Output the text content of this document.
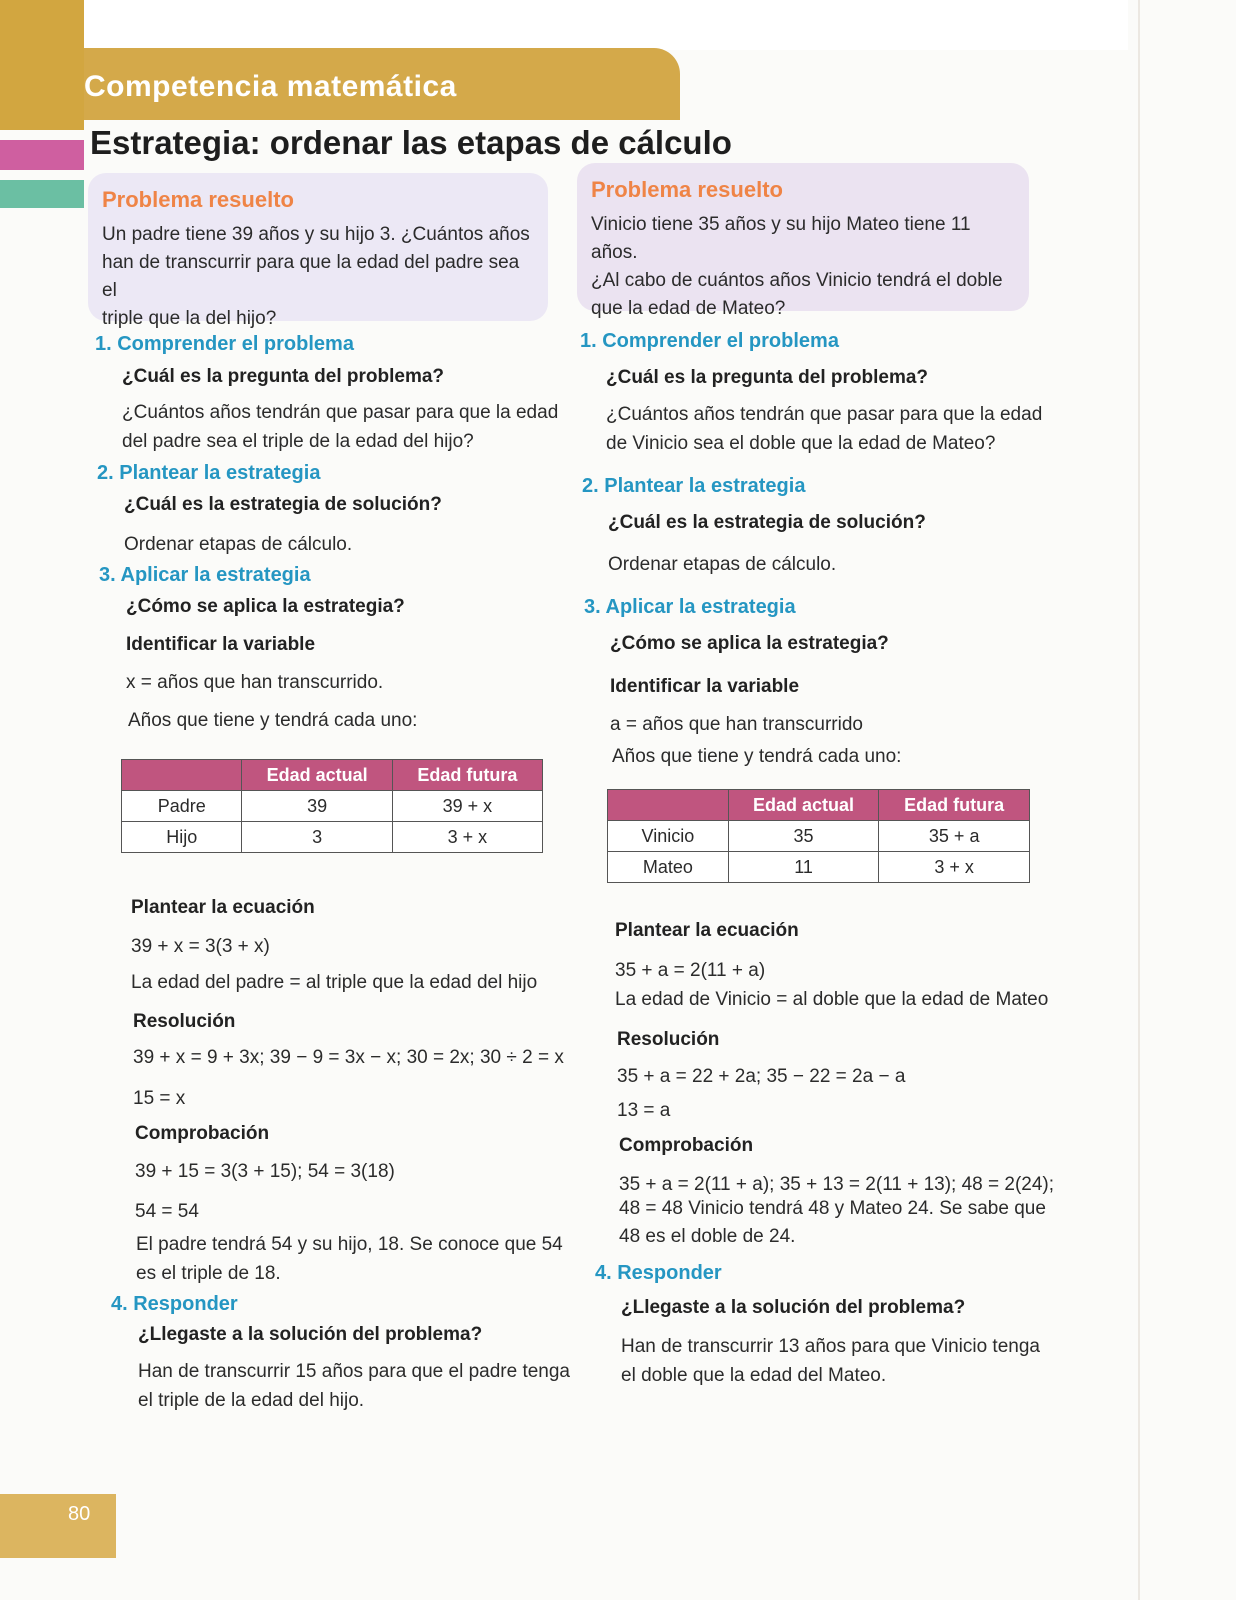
Competencia matemática
Estrategia: ordenar las etapas de cálculo
Problema resuelto
Un padre tiene 39 años y su hijo 3. ¿Cuántos años
han de transcurrir para que la edad del padre sea el
triple que la del hijo?
1. Comprender el problema
¿Cuál es la pregunta del problema?
¿Cuántos años tendrán que pasar para que la edad
del padre sea el triple de la edad del hijo?
2. Plantear la estrategia
¿Cuál es la estrategia de solución?
Ordenar etapas de cálculo.
3. Aplicar la estrategia
¿Cómo se aplica la estrategia?
Identificar la variable
x = años que han transcurrido.
Años que tiene y tendrá cada uno:
	Edad actual	Edad futura
Padre	39	39 + x
Hijo	3	3 + x
Plantear la ecuación
39 + x = 3(3 + x)
La edad del padre = al triple que la edad del hijo
Resolución
39 + x = 9 + 3x; 39 − 9 = 3x − x; 30 = 2x; 30 ÷ 2 = x
15 = x
Comprobación
39 + 15 = 3(3 + 15); 54 = 3(18)
54 = 54
El padre tendrá 54 y su hijo, 18. Se conoce que 54
es el triple de 18.
4. Responder
¿Llegaste a la solución del problema?
Han de transcurrir 15 años para que el padre tenga
el triple de la edad del hijo.
Problema resuelto
Vinicio tiene 35 años y su hijo Mateo tiene 11 años.
¿Al cabo de cuántos años Vinicio tendrá el doble
que la edad de Mateo?
1. Comprender el problema
¿Cuál es la pregunta del problema?
¿Cuántos años tendrán que pasar para que la edad
de Vinicio sea el doble que la edad de Mateo?
2. Plantear la estrategia
¿Cuál es la estrategia de solución?
Ordenar etapas de cálculo.
3. Aplicar la estrategia
¿Cómo se aplica la estrategia?
Identificar la variable
a = años que han transcurrido
Años que tiene y tendrá cada uno:
	Edad actual	Edad futura
Vinicio	35	35 + a
Mateo	11	3 + x
Plantear la ecuación
35 + a = 2(11 + a)
La edad de Vinicio = al doble que la edad de Mateo
Resolución
35 + a = 22 + 2a; 35 − 22 = 2a − a
13 = a
Comprobación
35 + a = 2(11 + a); 35 + 13 = 2(11 + 13); 48 = 2(24);
48 = 48 Vinicio tendrá 48 y Mateo 24. Se sabe que
48 es el doble de 24.
4. Responder
¿Llegaste a la solución del problema?
Han de transcurrir 13 años para que Vinicio tenga
el doble que la edad del Mateo.
80
